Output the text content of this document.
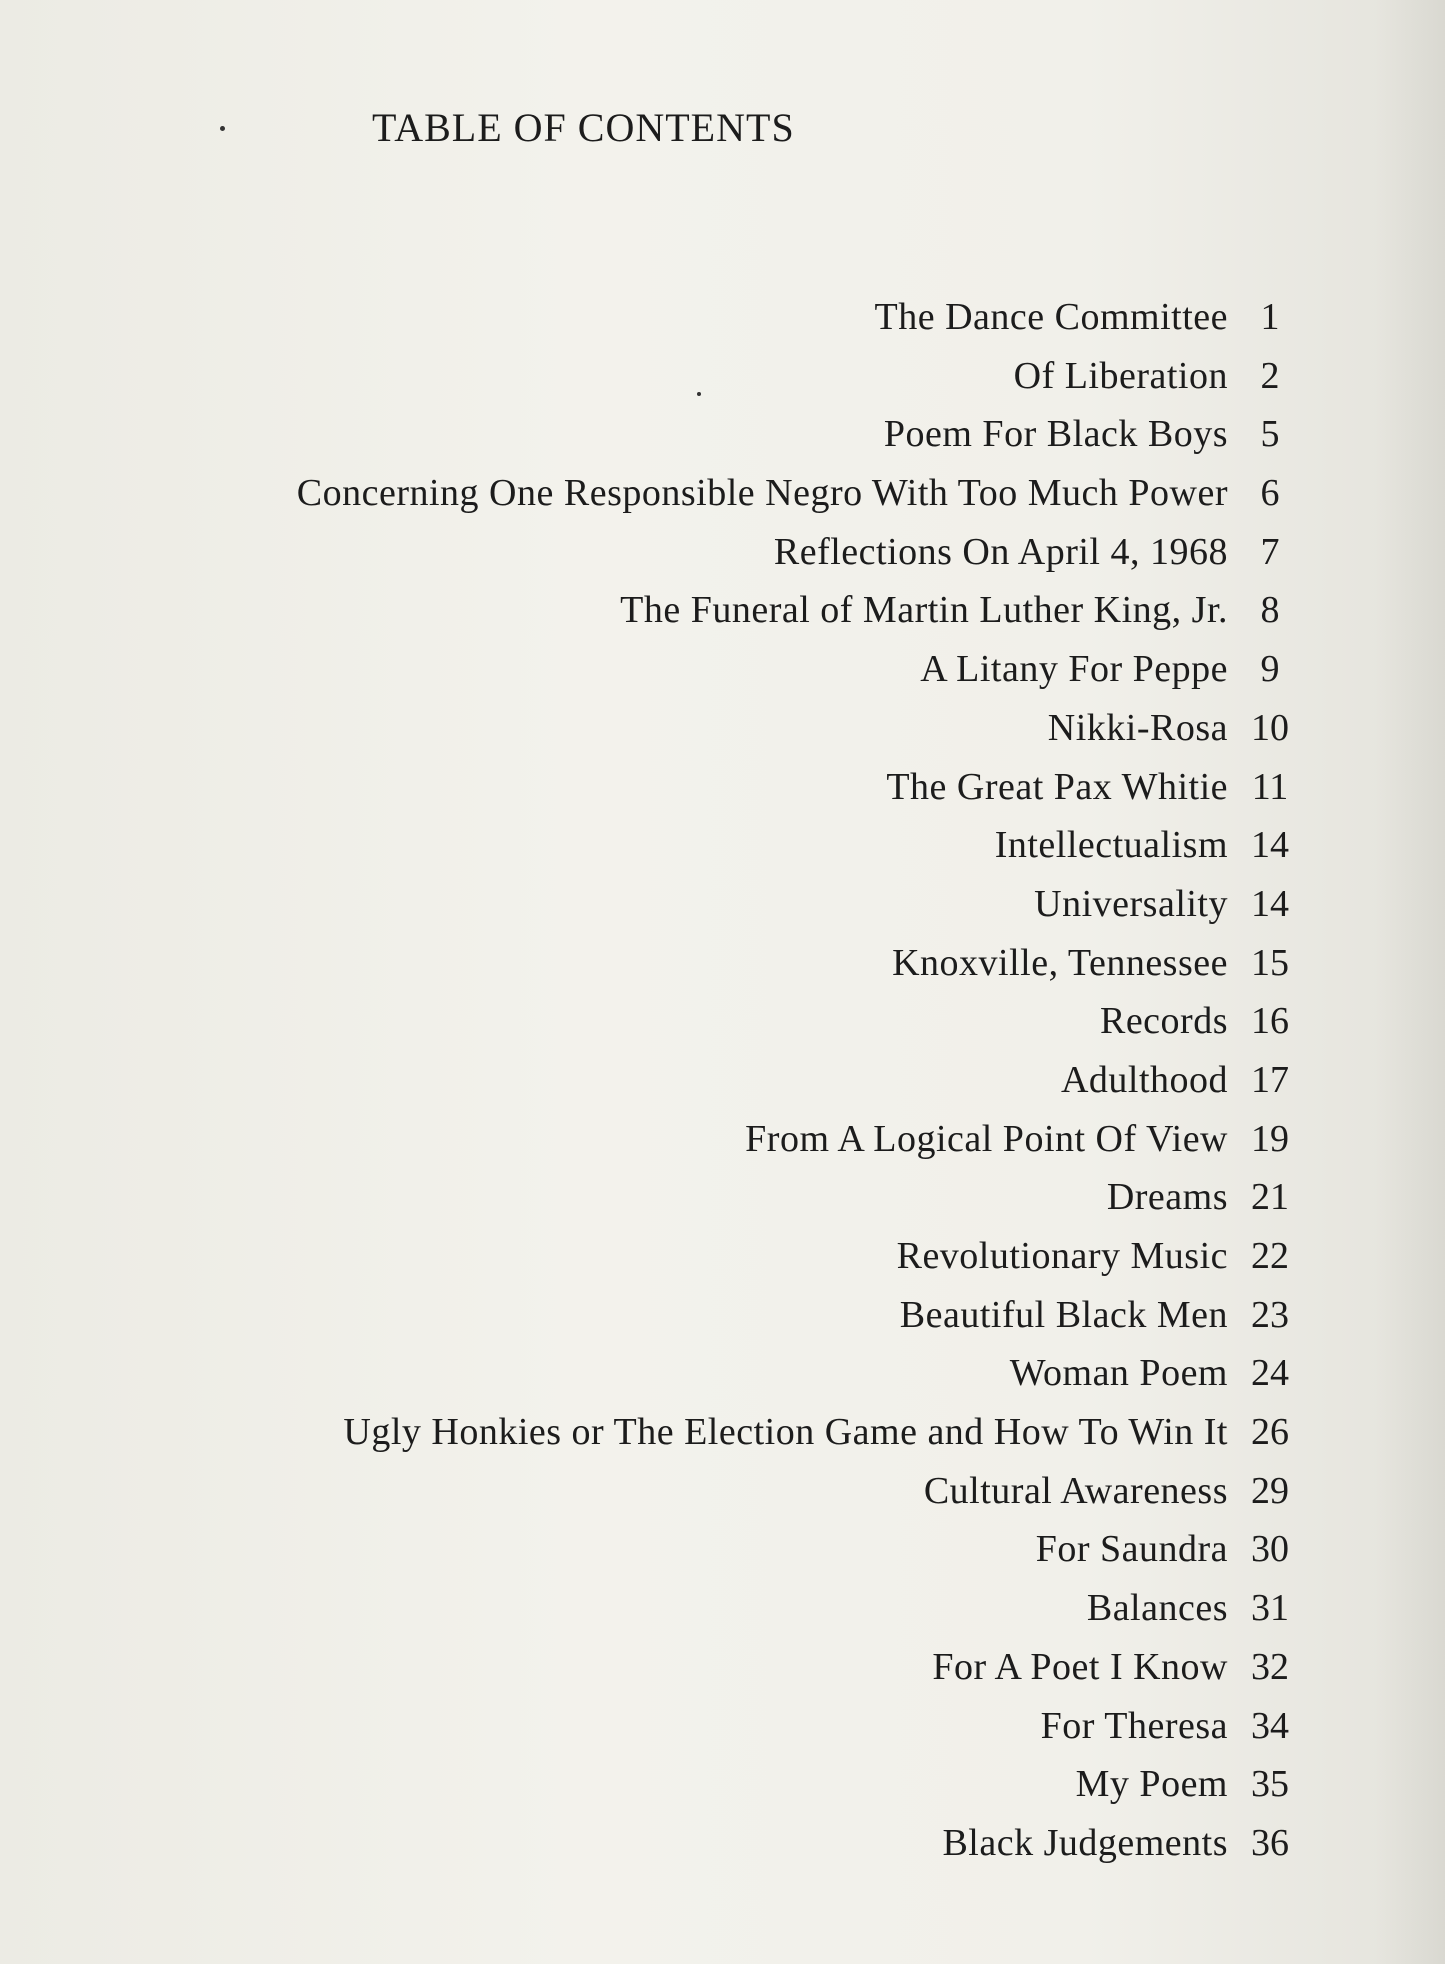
TABLE OF CONTENTS
The Dance Committee 1
Of Liberation 2
Poem For Black Boys 5
Concerning One Responsible Negro With Too Much Power 6
Reflections On April 4, 1968 7
The Funeral of Martin Luther King, Jr. 8
A Litany For Peppe 9
Nikki-Rosa 10
The Great Pax Whitie 11
Intellectualism 14
Universality 14
Knoxville, Tennessee 15
Records 16
Adulthood 17
From A Logical Point Of View 19
Dreams 21
Revolutionary Music 22
Beautiful Black Men 23
Woman Poem 24
Ugly Honkies or The Election Game and How To Win It 26
Cultural Awareness 29
For Saundra 30
Balances 31
For A Poet I Know 32
For Theresa 34
My Poem 35
Black Judgements 36
